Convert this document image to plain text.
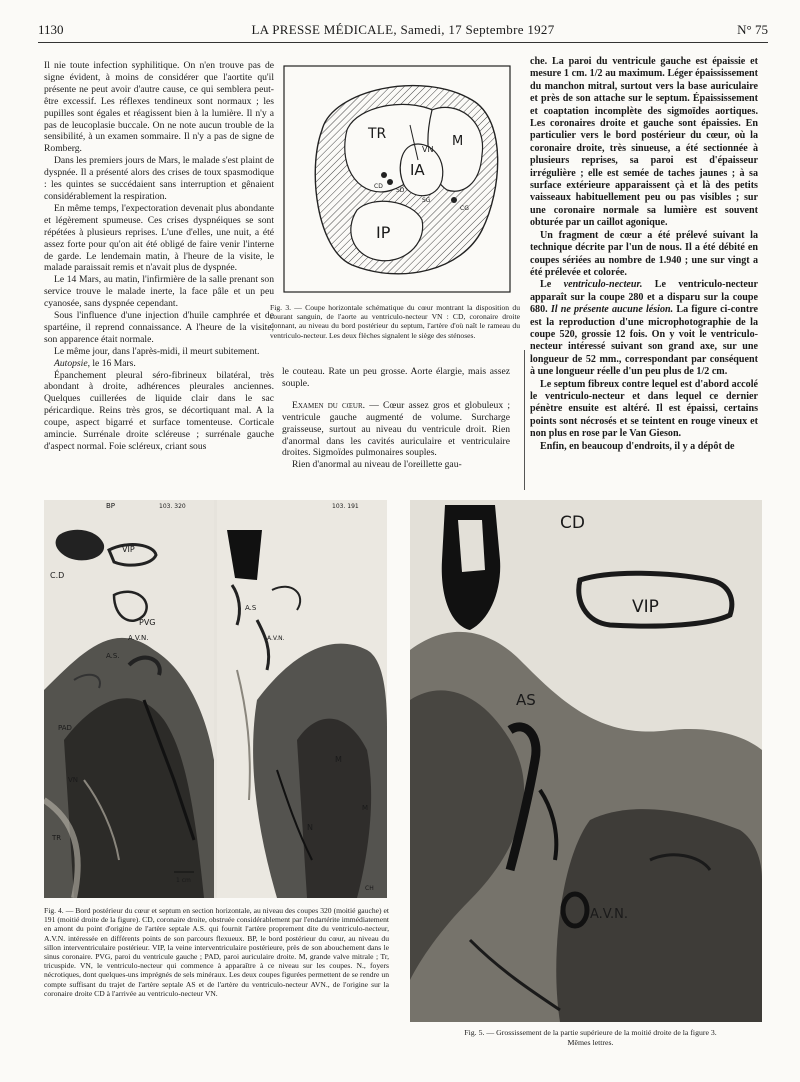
1130	LA PRESSE MÉDICALE, Samedi, 17 Septembre 1927	N° 75

Il nie toute infection syphilitique. On n'en trouve pas de signe évident, à moins de considérer que l'aortite qu'il présente ne peut avoir d'autre cause, ce qui semblera peut-être excessif. Les réflexes tendineux sont normaux ; les pupilles sont égales et réagissent bien à la lumière. Il n'y a pas de leucoplasie buccale. On ne note aucun trouble de la sensibilité, à un examen sommaire. Il n'y a pas de signe de Romberg.

Dans les premiers jours de Mars, le malade s'est plaint de dyspnée. Il a présenté alors des crises de toux spasmodique : les quintes se succédaient sans interruption et gênaient considérablement la respiration.

En même temps, l'expectoration devenait plus abondante et légèrement spumeuse. Ces crises dyspnéiques se sont répétées à plusieurs reprises. L'une d'elles, une nuit, a été assez forte pour qu'on ait été obligé de faire venir l'interne de garde. Le lendemain matin, à l'heure de la visite, le malade paraissait remis et n'avait plus de dyspnée.

Le 14 Mars, au matin, l'infirmière de la salle prenant son service trouve le malade inerte, la face pâle et un peu cyanosée, sans dyspnée cependant.

Sous l'influence d'une injection d'huile camphrée et de spartéine, il reprend connaissance. A l'heure de la visite, son apparence était normale.

Le même jour, dans l'après-midi, il meurt subitement.

Autopsie, le 16 Mars.

Épanchement pleural séro-fibrineux bilatéral, très abondant à droite, adhérences pleurales anciennes. Quelques cuillerées de liquide clair dans le sac péricardique. Reins très gros, se décortiquant mal. A la coupe, aspect bigarré et surface tomenteuse. Corticale amincie. Surrénale droite scléreuse ; surrénale gauche d'aspect normal. Foie scléreux, criant sous

TR	M
IA
IP
VN
SD
SG
CD
CG
Fig. 3. — Coupe horizontale schématique du cœur montrant la disposition du courant sanguin, de l'aorte au ventriculo-necteur VN : CD, coronaire droite donnant, au niveau du bord postérieur du septum, l'artère d'où naît le rameau du ventriculo-necteur. Les deux flèches signalent le siège des sténoses.

le couteau. Rate un peu grosse. Aorte élargie, mais assez souple.

Examen du cœur. — Cœur assez gros et globuleux ; ventricule gauche augmenté de volume. Surcharge graisseuse, surtout au niveau du ventricule droit. Rien d'anormal dans les cavités auriculaire et ventriculaire droites. Sigmoïdes pulmonaires souples.

Rien d'anormal au niveau de l'oreillette gau-

che. La paroi du ventricule gauche est épaissie et mesure 1 cm. 1/2 au maximum. Léger épaississement du manchon mitral, surtout vers la base auriculaire et près de son attache sur le septum. Épaississement et coaptation incomplète des sigmoïdes aortiques. Les coronaires droite et gauche sont épaissies. En particulier vers le bord postérieur du cœur, où la coronaire droite, très sinueuse, a été sectionnée à plusieurs reprises, sa paroi est d'épaisseur irrégulière ; elle est semée de taches jaunes ; à sa surface extérieure apparaissent çà et là des petits vaisseaux habituellement peu ou pas visibles ; sur une coronaire normale sa lumière est souvent obturée par un caillot agonique.

Un fragment de cœur a été prélevé suivant la technique décrite par l'un de nous. Il a été débité en coupes sériées au nombre de 1.940 ; une sur vingt a été prélevée et colorée.

Le ventriculo-necteur. Le ventriculo-necteur apparaît sur la coupe 280 et a disparu sur la coupe 680. Il ne présente aucune lésion. La figure ci-contre est la reproduction d'une microphotographie de la coupe 520, grossie 12 fois. On y voit le ventriculo-necteur intéressé suivant son grand axe, sur une longueur de 52 mm., correspondant par conséquent à une longueur réelle d'un peu plus de 1/2 cm.

Le septum fibreux contre lequel est d'abord accolé le ventriculo-necteur et dans lequel ce dernier pénètre ensuite est altéré. Il est épaissi, certains points sont nécrosés et se teintent en rouge vineux et non plus en rose par le Van Gieson.

Enfin, en beaucoup d'endroits, il y a dépôt de

BP	103. 320
VIP
C.D
PVG
A.V.N.
A.S.
PAD
VN
TR
1 cm
103. 191
A.S
A.V.N.
M
N
M
CH
Fig. 4. — Bord postérieur du cœur et septum en section horizontale, au niveau des coupes 320 (moitié gauche) et 191 (moitié droite de la figure). CD, coronaire droite, obstruée considérablement par l'endartérite immédiatement en amont du point d'origine de l'artère septale A.S. qui fournit l'artère proprement dite du ventriculo-necteur, A.V.N. intéressée en différents points de son parcours flexueux. BP, le bord postérieur du cœur, au niveau du sillon interventriculaire postérieur. VIP, la veine interventriculaire postérieure, près de son abouchement dans le sinus coronaire. PVG, paroi du ventricule gauche ; PAD, paroi auriculaire droite. M, grande valve mitrale ; Tr, tricuspide. VN, le ventriculo-necteur qui commence à apparaître à ce niveau sur les coupes. N., foyers nécrotiques, dont quelques-uns imprégnés de sels minéraux. Les deux coupes figurées permettent de se rendre un compte suffisant du trajet de l'artère septale AS et de l'artère du ventriculo-necteur AVN., de l'origine sur la coronaire droite CD à l'arrivée au ventriculo-necteur VN.
CD
VIP
AS
A.V.N.
Fig. 5. — Grossissement de la partie supérieure de la moitié droite de la figure 3.
Mêmes lettres.
